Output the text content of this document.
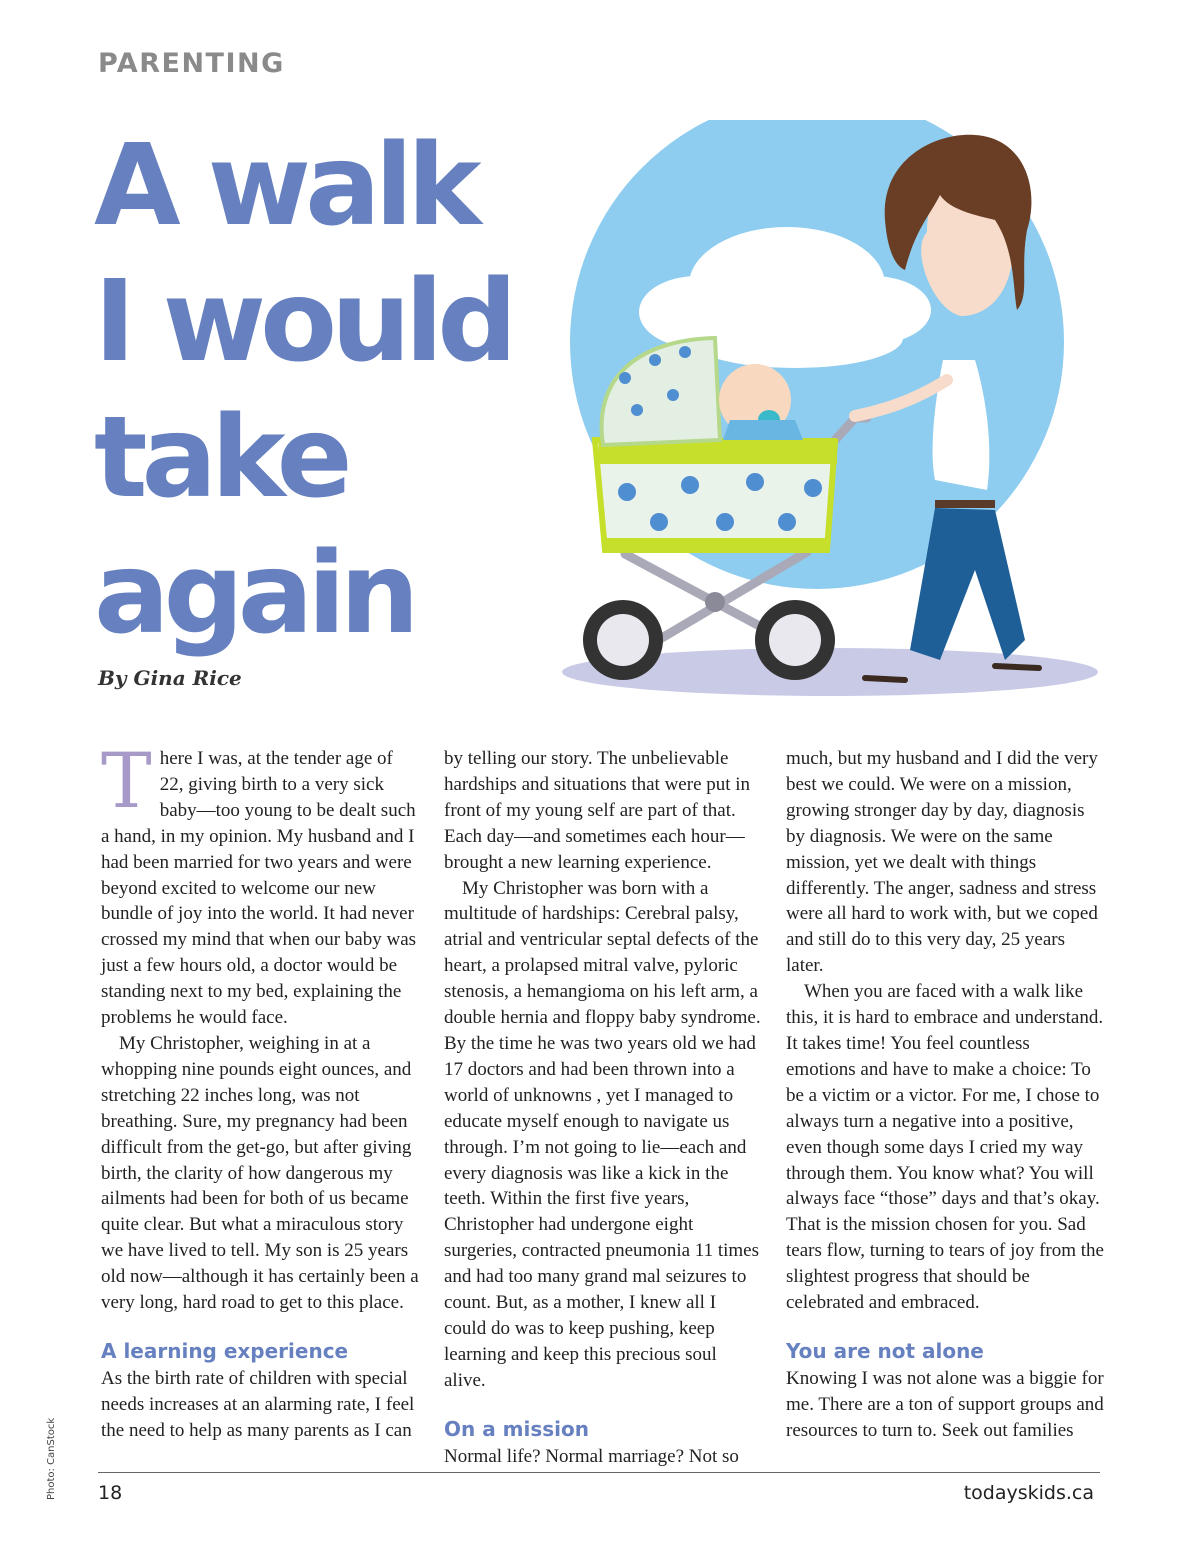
PARENTING
A walk
I would
take
again
By Gina Rice
T here I was, at the tender age of 22, giving birth to a very sick baby—too young to be dealt such a hand, in my opinion. My husband and I had been married for two years and were beyond excited to welcome our new bundle of joy into the world. It had never crossed my mind that when our baby was just a few hours old, a doctor would be standing next to my bed, explaining the problems he would face.

My Christopher, weighing in at a whopping nine pounds eight ounces, and stretching 22 inches long, was not breathing. Sure, my pregnancy had been difficult from the get-go, but after giving birth, the clarity of how dangerous my ailments had been for both of us became quite clear. But what a miraculous story we have lived to tell. My son is 25 years old now—although it has certainly been a very long, hard road to get to this place.

A learning experience

As the birth rate of children with special needs increases at an alarming rate, I feel the need to help as many parents as I can

by telling our story. The unbelievable hardships and situations that were put in front of my young self are part of that. Each day—and sometimes each hour—brought a new learning experience.

My Christopher was born with a multitude of hardships: Cerebral palsy, atrial and ventricular septal defects of the heart, a prolapsed mitral valve, pyloric stenosis, a hemangioma on his left arm, a double hernia and floppy baby syndrome. By the time he was two years old we had 17 doctors and had been thrown into a world of unknowns , yet I managed to educate myself enough to navigate us through. I’m not going to lie—each and every diagnosis was like a kick in the teeth. Within the first five years, Christopher had undergone eight surgeries, contracted pneumonia 11 times and had too many grand mal seizures to count. But, as a mother, I knew all I could do was to keep pushing, keep learning and keep this precious soul alive.

On a mission

Normal life? Normal marriage? Not so

much, but my husband and I did the very best we could. We were on a mission, growing stronger day by day, diagnosis by diagnosis. We were on the same mission, yet we dealt with things differently. The anger, sadness and stress were all hard to work with, but we coped and still do to this very day, 25 years later.

When you are faced with a walk like this, it is hard to embrace and understand. It takes time! You feel countless emotions and have to make a choice: To be a victim or a victor. For me, I chose to always turn a negative into a positive, even though some days I cried my way through them. You know what? You will always face “those” days and that’s okay. That is the mission chosen for you. Sad tears flow, turning to tears of joy from the slightest progress that should be celebrated and embraced.

You are not alone

Knowing I was not alone was a biggie for me. There are a ton of support groups and resources to turn to. Seek out families

18	todayskids.ca
Photo: CanStock
